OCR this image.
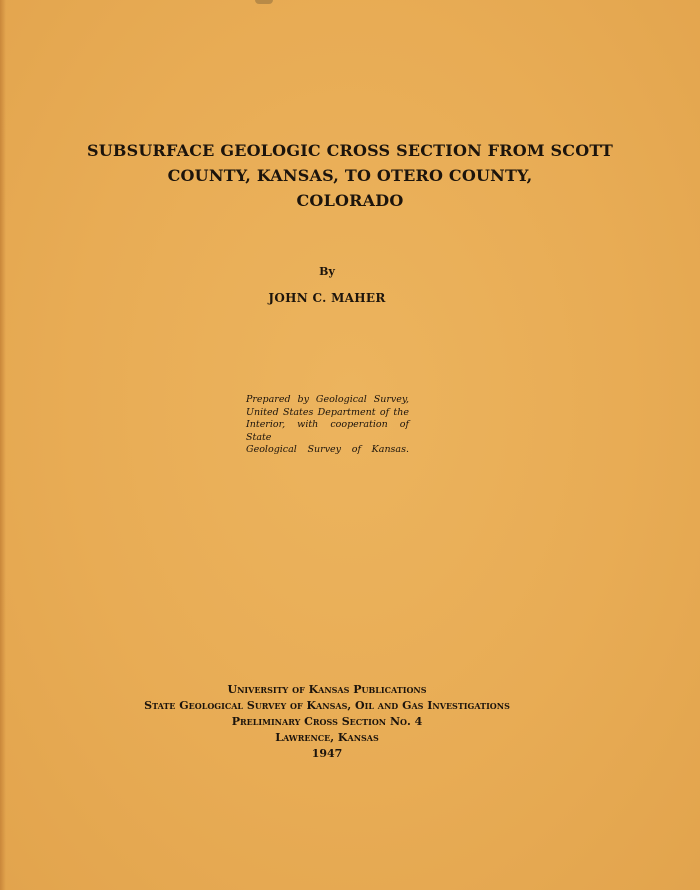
SUBSURFACE GEOLOGIC CROSS SECTION FROM SCOTT
COUNTY, KANSAS, TO OTERO COUNTY,
COLORADO
By
JOHN C. MAHER
Prepared by Geological Survey,
United States Department of the
Interior, with cooperation of State
Geological Survey of Kansas.
University of Kansas Publications
State Geological Survey of Kansas, Oil and Gas Investigations
Preliminary Cross Section No. 4
Lawrence, Kansas
1947
